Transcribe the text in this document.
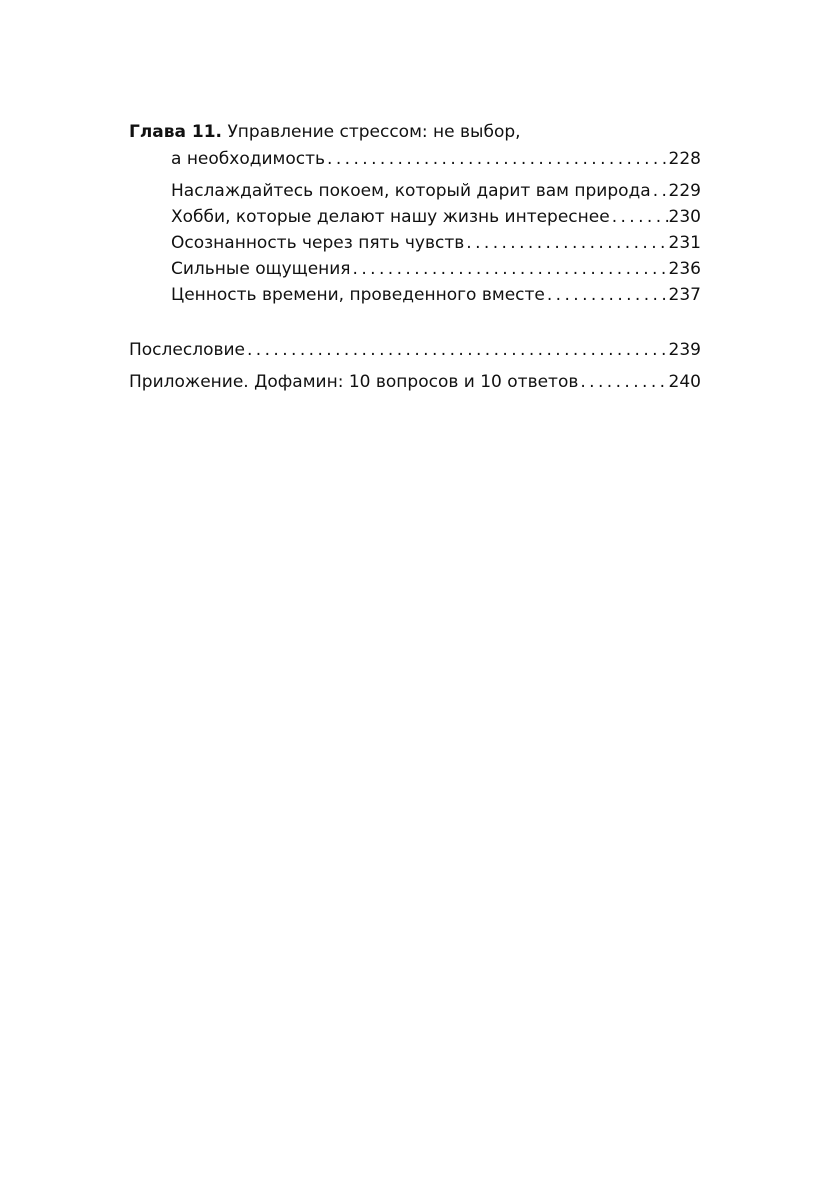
Глава 11. Управление стрессом: не выбор,
а необходимость . . .	228
Наслаждайтесь покоем, который дарит вам природа . . . 229
Хобби, которые делают нашу жизнь интереснее . . .	230
Осознанность через пять чувств . . .	231
Сильные ощущения . . .	236
Ценность времени, проведенного вместе . . .	237
Послесловие . . .	239
Приложение. Дофамин: 10 вопросов и 10 ответов . . .	240
